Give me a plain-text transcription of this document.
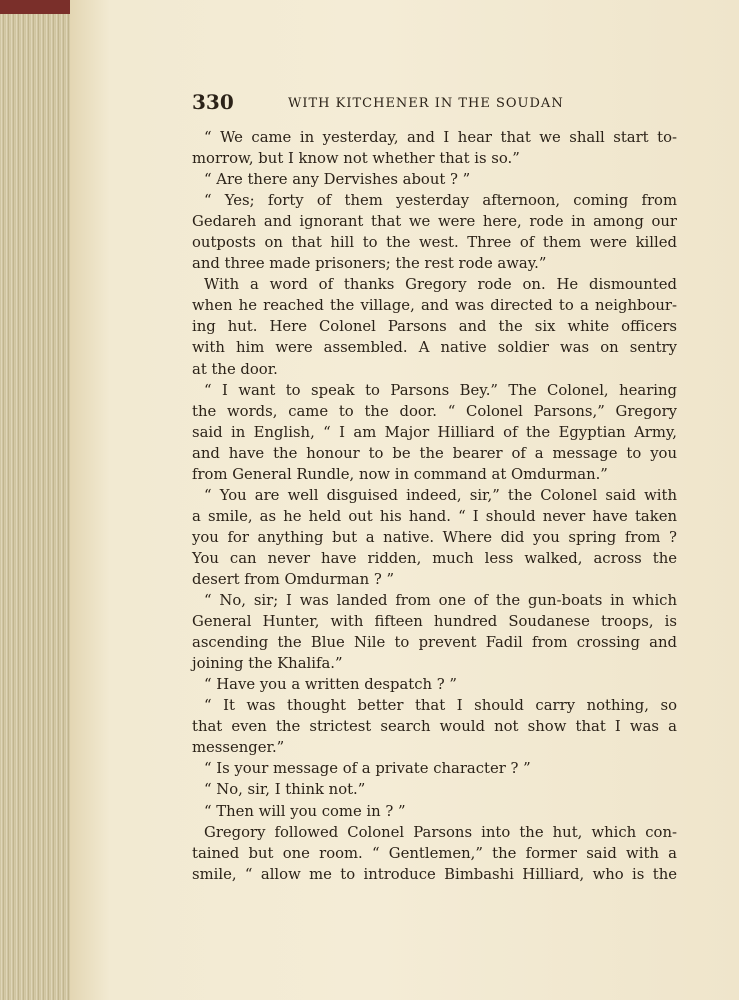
330	WITH KITCHENER IN THE SOUDAN

“ We came in yesterday, and I hear that we shall start to-

morrow, but I know not whether that is so.”

“ Are there any Dervishes about ? ”

“ Yes; forty of them yesterday afternoon, coming from

Gedareh and ignorant that we were here, rode in among our

outposts on that hill to the west. Three of them were killed

and three made prisoners; the rest rode away.”

With a word of thanks Gregory rode on. He dismounted

when he reached the village, and was directed to a neighbour-

ing hut. Here Colonel Parsons and the six white officers

with him were assembled. A native soldier was on sentry

at the door.

“ I want to speak to Parsons Bey.” The Colonel, hearing

the words, came to the door. “ Colonel Parsons,” Gregory

said in English, “ I am Major Hilliard of the Egyptian Army,

and have the honour to be the bearer of a message to you

from General Rundle, now in command at Omdurman.”

“ You are well disguised indeed, sir,” the Colonel said with

a smile, as he held out his hand. “ I should never have taken

you for anything but a native. Where did you spring from ?

You can never have ridden, much less walked, across the

desert from Omdurman ? ”

“ No, sir; I was landed from one of the gun-boats in which

General Hunter, with fifteen hundred Soudanese troops, is

ascending the Blue Nile to prevent Fadil from crossing and

joining the Khalifa.”

“ Have you a written despatch ? ”

“ It was thought better that I should carry nothing, so

that even the strictest search would not show that I was a

messenger.”

“ Is your message of a private character ? ”

“ No, sir, I think not.”

“ Then will you come in ? ”

Gregory followed Colonel Parsons into the hut, which con-

tained but one room. “ Gentlemen,” the former said with a

smile, “ allow me to introduce Bimbashi Hilliard, who is the
